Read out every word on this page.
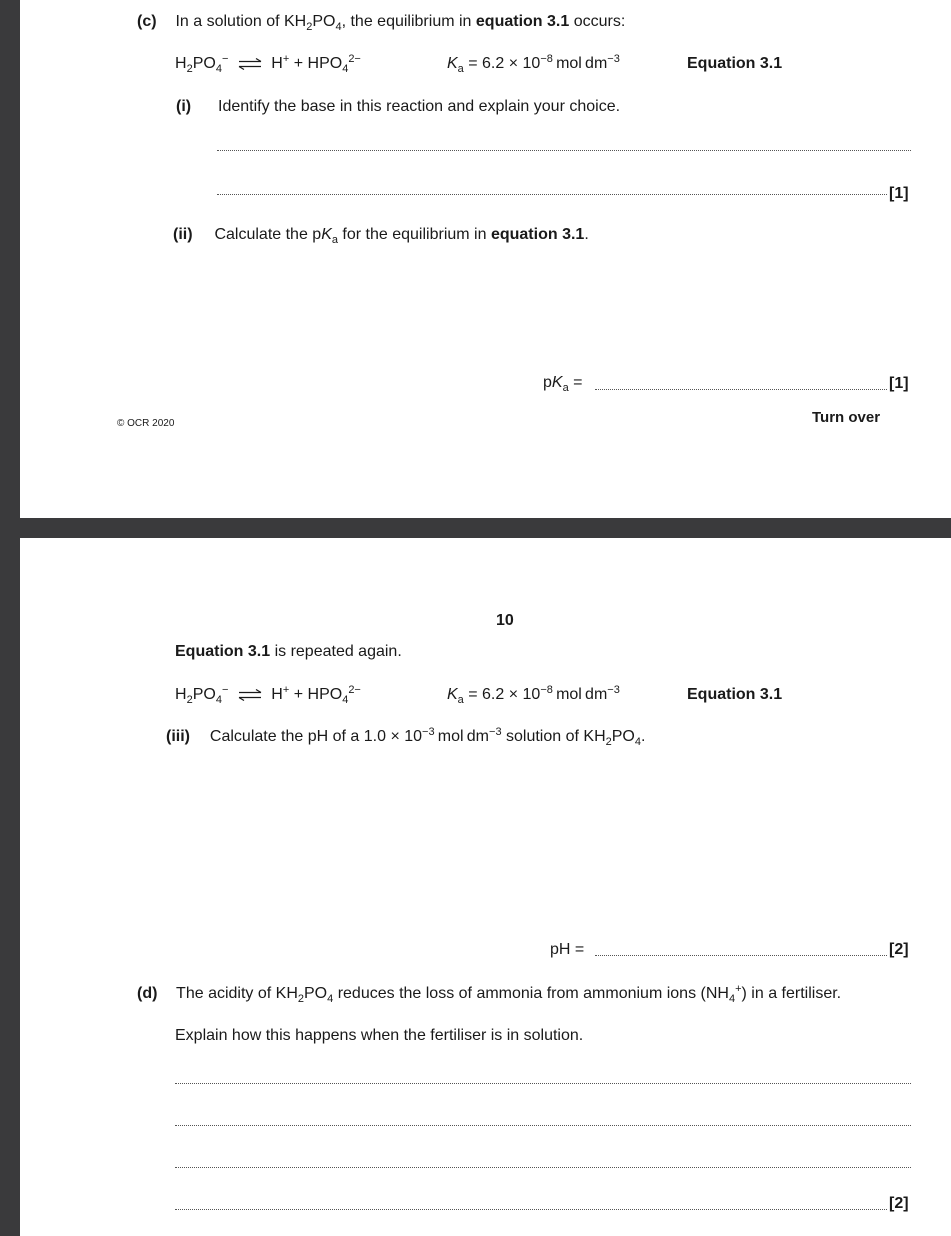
(c) In a solution of $KH_2PO_4$, the equilibrium in equation 3.1 occurs:
$H_2PO_4^-$ ⇌ $H^+ + HPO_4^{2-}$	$K_a = 6.2 \times 10^{-8}$  mol $dm^{-3}$	Equation 3.1
(i) Identify the base in this reaction and explain your choice.
[1]
(ii) Calculate the $pK_a$ for the equilibrium in equation 3.1.
$pK_a$ =	[1]
© OCR 2020	Turn over
10
Equation 3.1 is repeated again.
$H_2PO_4^-$ ⇌ $H^+ + HPO_4^{2-}$	$K_a = 6.2 \times 10^{-8}$  mol $dm^{-3}$	Equation 3.1
(iii) Calculate the pH of a $1.0 \times 10^{-3}$  mol $dm^{-3}$ solution of $KH_2PO_4$.
pH =	[2]
(d) The acidity of $KH_2PO_4$ reduces the loss of ammonia from ammonium ions $(NH_4^+)$ in a fertiliser.
Explain how this happens when the fertiliser is in solution.
[2]
